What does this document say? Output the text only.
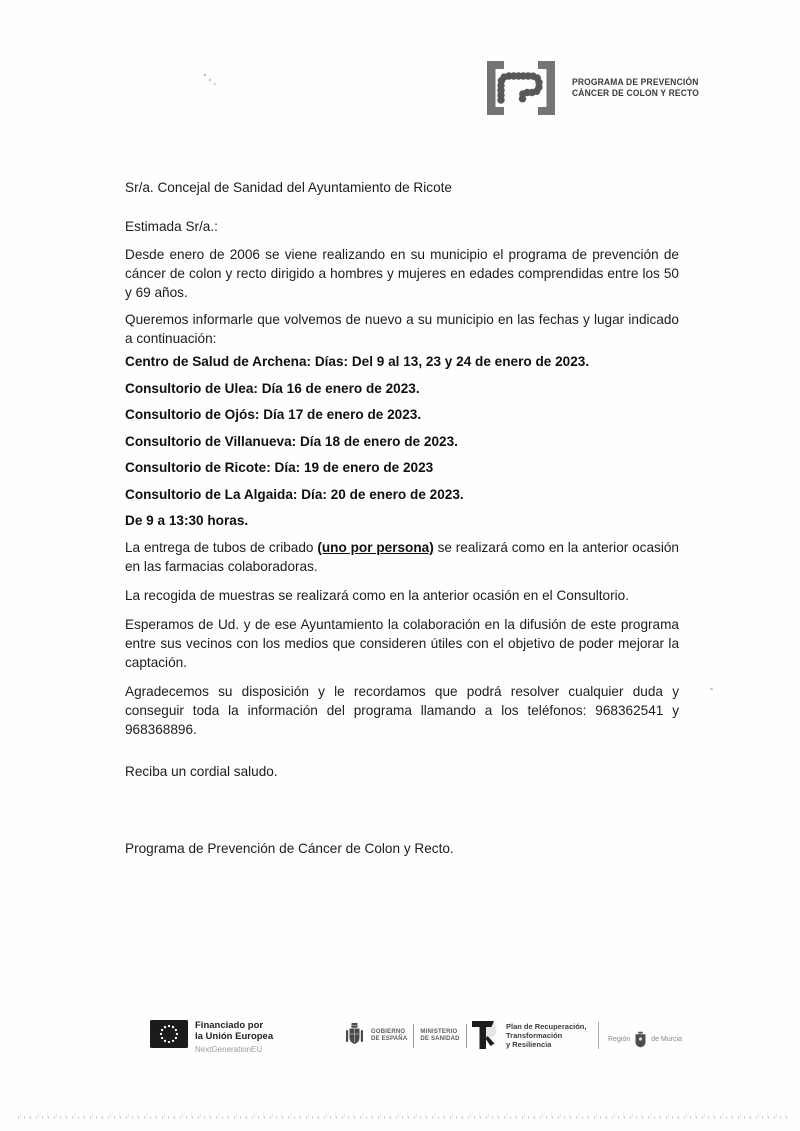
PROGRAMA DE PREVENCIÓN
CÁNCER DE COLON Y RECTO

Sr/a. Concejal de Sanidad del Ayuntamiento de Ricote

Estimada Sr/a.:

Desde enero de 2006 se viene realizando en su municipio el programa de prevención de cáncer de colon y recto dirigido a hombres y mujeres en edades comprendidas entre los 50 y 69 años.

Queremos informarle que volvemos de nuevo a su municipio en las fechas y lugar indicado a continuación:

Centro de Salud de Archena: Días: Del 9 al 13, 23 y 24 de enero de 2023.

Consultorio de Ulea: Día 16 de enero de 2023.

Consultorio de Ojós: Día 17 de enero de 2023.

Consultorio de Villanueva: Día 18 de enero de 2023.

Consultorio de Ricote: Día: 19 de enero de 2023

Consultorio de La Algaida: Día: 20 de enero de 2023.

De 9 a 13:30 horas.

La entrega de tubos de cribado (uno por persona) se realizará como en la anterior ocasión en las farmacias colaboradoras.

La recogida de muestras se realizará como en la anterior ocasión en el Consultorio.

Esperamos de Ud. y de ese Ayuntamiento la colaboración en la difusión de este programa entre sus vecinos con los medios que consideren útiles con el objetivo de poder mejorar la captación.

Agradecemos su disposición y le recordamos que podrá resolver cualquier duda y conseguir toda la información del programa llamando a los teléfonos: 968362541 y 968368896.

Reciba un cordial saludo.

Programa de Prevención de Cáncer de Colon y Recto.

Financiado por
la Unión Europea
NextGenerationEU
GOBIERNO
DE ESPAÑA
MINISTERIO
DE SANIDAD
Plan de Recuperación,
Transformación
y Resiliencia
Región	de Murcia
